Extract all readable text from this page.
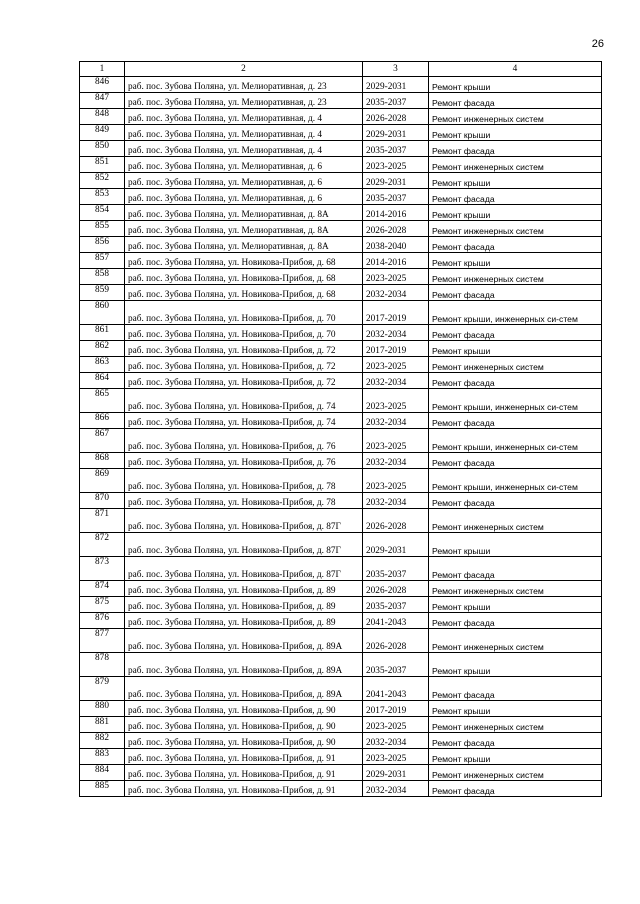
26
1	2	3	4
846	раб. пос. Зубова Поляна, ул. Мелиоративная, д. 23	2029-2031	Ремонт крыши
847	раб. пос. Зубова Поляна, ул. Мелиоративная, д. 23	2035-2037	Ремонт фасада
848	раб. пос. Зубова Поляна, ул. Мелиоративная, д. 4	2026-2028	Ремонт инженерных систем
849	раб. пос. Зубова Поляна, ул. Мелиоративная, д. 4	2029-2031	Ремонт крыши
850	раб. пос. Зубова Поляна, ул. Мелиоративная, д. 4	2035-2037	Ремонт фасада
851	раб. пос. Зубова Поляна, ул. Мелиоративная, д. 6	2023-2025	Ремонт инженерных систем
852	раб. пос. Зубова Поляна, ул. Мелиоративная, д. 6	2029-2031	Ремонт крыши
853	раб. пос. Зубова Поляна, ул. Мелиоративная, д. 6	2035-2037	Ремонт фасада
854	раб. пос. Зубова Поляна, ул. Мелиоративная, д. 8А	2014-2016	Ремонт крыши
855	раб. пос. Зубова Поляна, ул. Мелиоративная, д. 8А	2026-2028	Ремонт инженерных систем
856	раб. пос. Зубова Поляна, ул. Мелиоративная, д. 8А	2038-2040	Ремонт фасада
857	раб. пос. Зубова Поляна, ул. Новикова-Прибоя, д. 68	2014-2016	Ремонт крыши
858	раб. пос. Зубова Поляна, ул. Новикова-Прибоя, д. 68	2023-2025	Ремонт инженерных систем
859	раб. пос. Зубова Поляна, ул. Новикова-Прибоя, д. 68	2032-2034	Ремонт фасада
860	раб. пос. Зубова Поляна, ул. Новикова-Прибоя, д. 70	2017-2019	Ремонт крыши, инженерных си-стем
861	раб. пос. Зубова Поляна, ул. Новикова-Прибоя, д. 70	2032-2034	Ремонт фасада
862	раб. пос. Зубова Поляна, ул. Новикова-Прибоя, д. 72	2017-2019	Ремонт крыши
863	раб. пос. Зубова Поляна, ул. Новикова-Прибоя, д. 72	2023-2025	Ремонт инженерных систем
864	раб. пос. Зубова Поляна, ул. Новикова-Прибоя, д. 72	2032-2034	Ремонт фасада
865	раб. пос. Зубова Поляна, ул. Новикова-Прибоя, д. 74	2023-2025	Ремонт крыши, инженерных си-стем
866	раб. пос. Зубова Поляна, ул. Новикова-Прибоя, д. 74	2032-2034	Ремонт фасада
867	раб. пос. Зубова Поляна, ул. Новикова-Прибоя, д. 76	2023-2025	Ремонт крыши, инженерных си-стем
868	раб. пос. Зубова Поляна, ул. Новикова-Прибоя, д. 76	2032-2034	Ремонт фасада
869	раб. пос. Зубова Поляна, ул. Новикова-Прибоя, д. 78	2023-2025	Ремонт крыши, инженерных си-стем
870	раб. пос. Зубова Поляна, ул. Новикова-Прибоя, д. 78	2032-2034	Ремонт фасада
871	раб. пос. Зубова Поляна, ул. Новикова-Прибоя, д. 87Г	2026-2028	Ремонт инженерных систем
872	раб. пос. Зубова Поляна, ул. Новикова-Прибоя, д. 87Г	2029-2031	Ремонт крыши
873	раб. пос. Зубова Поляна, ул. Новикова-Прибоя, д. 87Г	2035-2037	Ремонт фасада
874	раб. пос. Зубова Поляна, ул. Новикова-Прибоя, д. 89	2026-2028	Ремонт инженерных систем
875	раб. пос. Зубова Поляна, ул. Новикова-Прибоя, д. 89	2035-2037	Ремонт крыши
876	раб. пос. Зубова Поляна, ул. Новикова-Прибоя, д. 89	2041-2043	Ремонт фасада
877	раб. пос. Зубова Поляна, ул. Новикова-Прибоя, д. 89А	2026-2028	Ремонт инженерных систем
878	раб. пос. Зубова Поляна, ул. Новикова-Прибоя, д. 89А	2035-2037	Ремонт крыши
879	раб. пос. Зубова Поляна, ул. Новикова-Прибоя, д. 89А	2041-2043	Ремонт фасада
880	раб. пос. Зубова Поляна, ул. Новикова-Прибоя, д. 90	2017-2019	Ремонт крыши
881	раб. пос. Зубова Поляна, ул. Новикова-Прибоя, д. 90	2023-2025	Ремонт инженерных систем
882	раб. пос. Зубова Поляна, ул. Новикова-Прибоя, д. 90	2032-2034	Ремонт фасада
883	раб. пос. Зубова Поляна, ул. Новикова-Прибоя, д. 91	2023-2025	Ремонт крыши
884	раб. пос. Зубова Поляна, ул. Новикова-Прибоя, д. 91	2029-2031	Ремонт инженерных систем
885	раб. пос. Зубова Поляна, ул. Новикова-Прибоя, д. 91	2032-2034	Ремонт фасада
